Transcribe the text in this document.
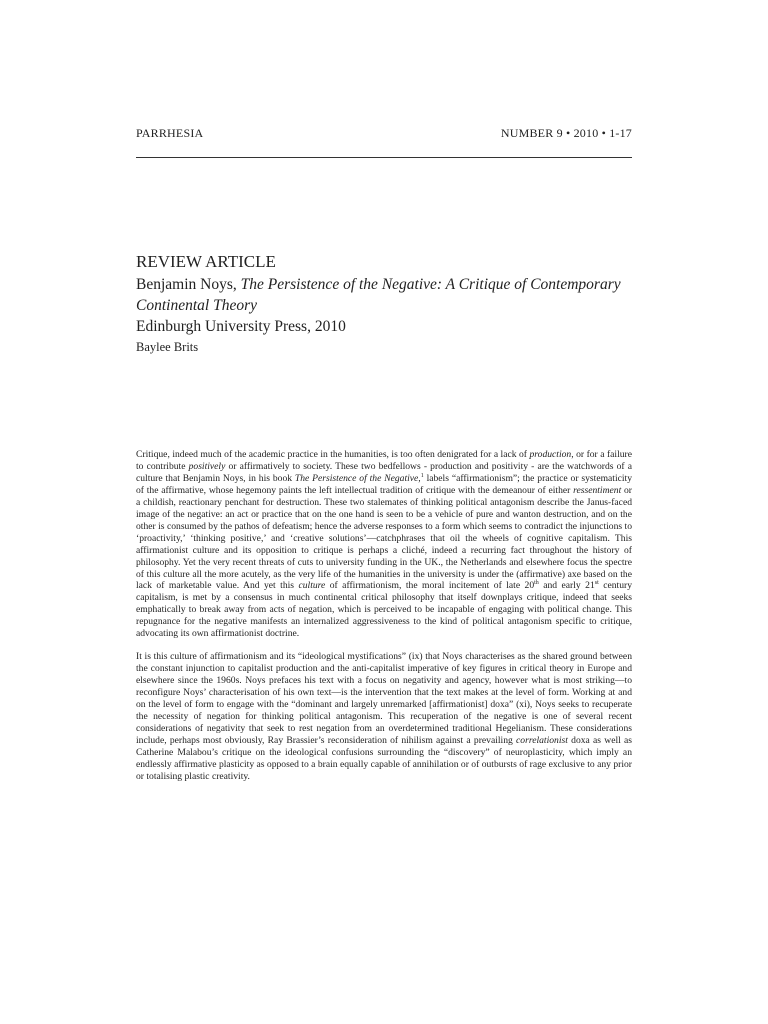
PARRHESIA	NUMBER 9 • 2010 • 1-17

REVIEW ARTICLE

Benjamin Noys, The Persistence of the Negative: A Critique of Contemporary Continental Theory

Edinburgh University Press, 2010

Baylee Brits

Critique, indeed much of the academic practice in the humanities, is too often denigrated for a lack of production, or for a failure to contribute positively or affirmatively to society. These two bedfellows - production and positivity - are the watchwords of a culture that Benjamin Noys, in his book The Persistence of the Negative,$^1$ labels “affirmationism”; the practice or systematicity of the affirmative, whose hegemony paints the left intellectual tradition of critique with the demeanour of either ressentiment or a childish, reactionary penchant for destruction. These two stalemates of thinking political antagonism describe the Janus-faced image of the negative: an act or practice that on the one hand is seen to be a vehicle of pure and wanton destruction, and on the other is consumed by the pathos of defeatism; hence the adverse responses to a form which seems to contradict the injunctions to ‘proactivity,’ ‘thinking positive,’ and ‘creative solutions’—catchphrases that oil the wheels of cognitive capitalism. This affirmationist culture and its opposition to critique is perhaps a cliché, indeed a recurring fact throughout the history of philosophy. Yet the very recent threats of cuts to university funding in the UK., the Netherlands and elsewhere focus the spectre of this culture all the more acutely, as the very life of the humanities in the university is under the (affirmative) axe based on the lack of marketable value. And yet this culture of affirmationism, the moral incitement of late 20th and early 21st century capitalism, is met by a consensus in much continental critical philosophy that itself downplays critique, indeed that seeks emphatically to break away from acts of negation, which is perceived to be incapable of engaging with political change. This repugnance for the negative manifests an internalized aggressiveness to the kind of political antagonism specific to critique, advocating its own affirmationist doctrine.

It is this culture of affirmationism and its “ideological mystifications” (ix) that Noys characterises as the shared ground between the constant injunction to capitalist production and the anti-capitalist imperative of key figures in critical theory in Europe and elsewhere since the 1960s. Noys prefaces his text with a focus on negativity and agency, however what is most striking—to reconfigure Noys’ characterisation of his own text—is the intervention that the text makes at the level of form. Working at and on the level of form to engage with the “dominant and largely unremarked [affirmationist] doxa” (xi), Noys seeks to recuperate the necessity of negation for thinking political antagonism. This recuperation of the negative is one of several recent considerations of negativity that seek to rest negation from an overdetermined traditional Hegelianism. These considerations include, perhaps most obviously, Ray Brassier’s reconsideration of nihilism against a prevailing correlationist doxa as well as Catherine Malabou’s critique on the ideological confusions surrounding the “discovery” of neuroplasticity, which imply an endlessly affirmative plasticity as opposed to a brain equally capable of annihilation or of outbursts of rage exclusive to any prior or totalising plastic creativity.
